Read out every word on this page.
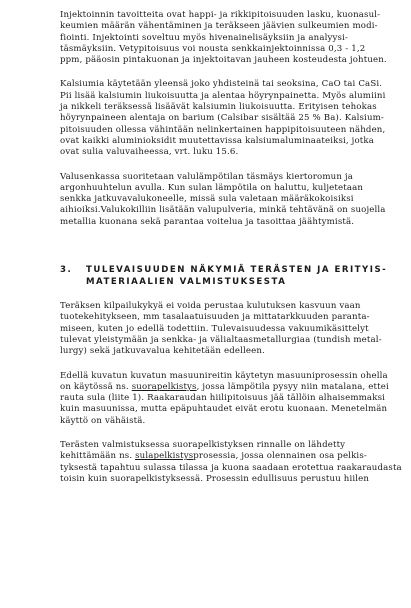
Injektoinnin tavoitteita ovat happi- ja rikkipitoisuuden lasku, kuonasul-
keumien määrän vähentäminen ja teräkseen jäävien sulkeumien modi-
fiointi. Injektointi soveltuu myös hivenainelisäyksiin ja analyysi-
täsmäyksiin. Vetypitoisuus voi nousta senkkainjektoinnissa 0,3 - 1,2
ppm, pääosin pintakuonan ja injektoitavan jauheen kosteudesta johtuen.

Kalsiumia käytetään yleensä joko yhdisteinä tai seoksina, CaO tai CaSi.
Pii lisää kalsiumin liukoisuutta ja alentaa höyrynpainetta. Myös alumiini
ja nikkeli teräksessä lisäävät kalsiumin liukoisuutta. Erityisen tehokas
höyrynpaineen alentaja on barium (Calsibar sisältää 25 % Ba). Kalsium-
pitoisuuden ollessa vähintään nelinkertainen happipitoisuuteen nähden,
ovat kaikki aluminioksidit muutettavissa kalsiumaluminaateiksi, jotka
ovat sulia valuvaiheessa, vrt. luku 15.6.

Valusenkassa suoritetaan valulämpötilan täsmäys kiertoromun ja
argonhuuhtelun avulla. Kun sulan lämpötila on haluttu, kuljetetaan
senkka jatkuvavalukoneelle, missä sula valetaan määräkokoisiksi
aihioiksi.Valukokilliin lisätään valupulveria, minkä tehtävänä on suojella
metallia kuonana sekä parantaa voitelua ja tasoittaa jäähtymistä.

3.	TULEVAISUUDEN NÄKYMIÄ TERÄSTEN JA ERITYIS-
MATERIAALIEN VALMISTUKSESTA

Teräksen kilpailukykyä ei voida perustaa kulutuksen kasvuun vaan
tuotekehitykseen, mm tasalaatuisuuden ja mittatarkkuuden paranta-
miseen, kuten jo edellä todettiin. Tulevaisuudessa vakuumikäsittelyt
tulevat yleistymään ja senkka- ja välialtaasmetallurgiaa (tundish metal-
lurgy) sekä jatkuvavalua kehitetään edelleen.

Edellä kuvatun kuvatun masuunireitin käytetyn masuuniprosessin ohella
on käytössä ns. suorapelkistys, jossa lämpötila pysyy niin matalana, ettei
rauta sula (liite 1). Raakaraudan hiilipitoisuus jää tällöin alhaisemmaksi
kuin masuunissa, mutta epäpuhtaudet eivät erotu kuonaan. Menetelmän
käyttö on vähäistä.

Terästen valmistuksessa suorapelkistyksen rinnalle on lähdetty
kehittämään ns. sulapelkistysprosessia, jossa olennainen osa pelkis-
tyksestä tapahtuu sulassa tilassa ja kuona saadaan erotettua raakaraudasta
toisin kuin suorapelkistyksessä. Prosessin edullisuus perustuu hiilen
